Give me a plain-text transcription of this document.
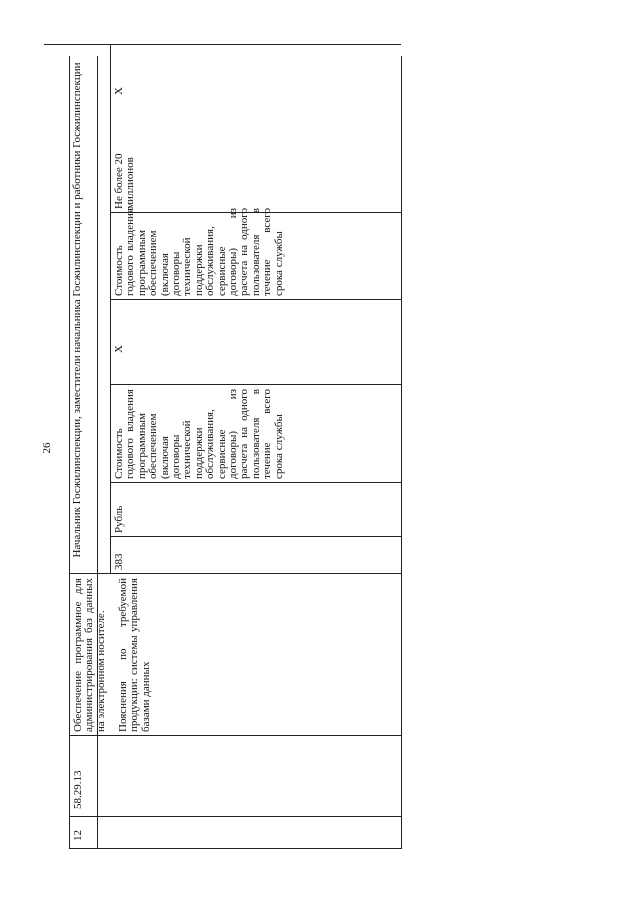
26
12
58.29.13
Обеспечение программное для администрирования баз данных на электронном носителе. Пояснения по требуемой продукции: системы управления базами данных
Начальник Госжилинспекции, заместители начальника Госжилинспекции и работники Госжилинспекции
383
Рубль
Стоимость годового владения программным обеспечением (включая договоры технической поддержки обслуживания, сервисные договоры) из расчета на одного пользователя в течение всего срока службы
X
Стоимость годового владения программным обеспечением (включая договоры технической поддержки обслуживания, сервисные договоры) из расчета на одного пользователя в течение всего срока службы
Не более 20 миллионов
X
